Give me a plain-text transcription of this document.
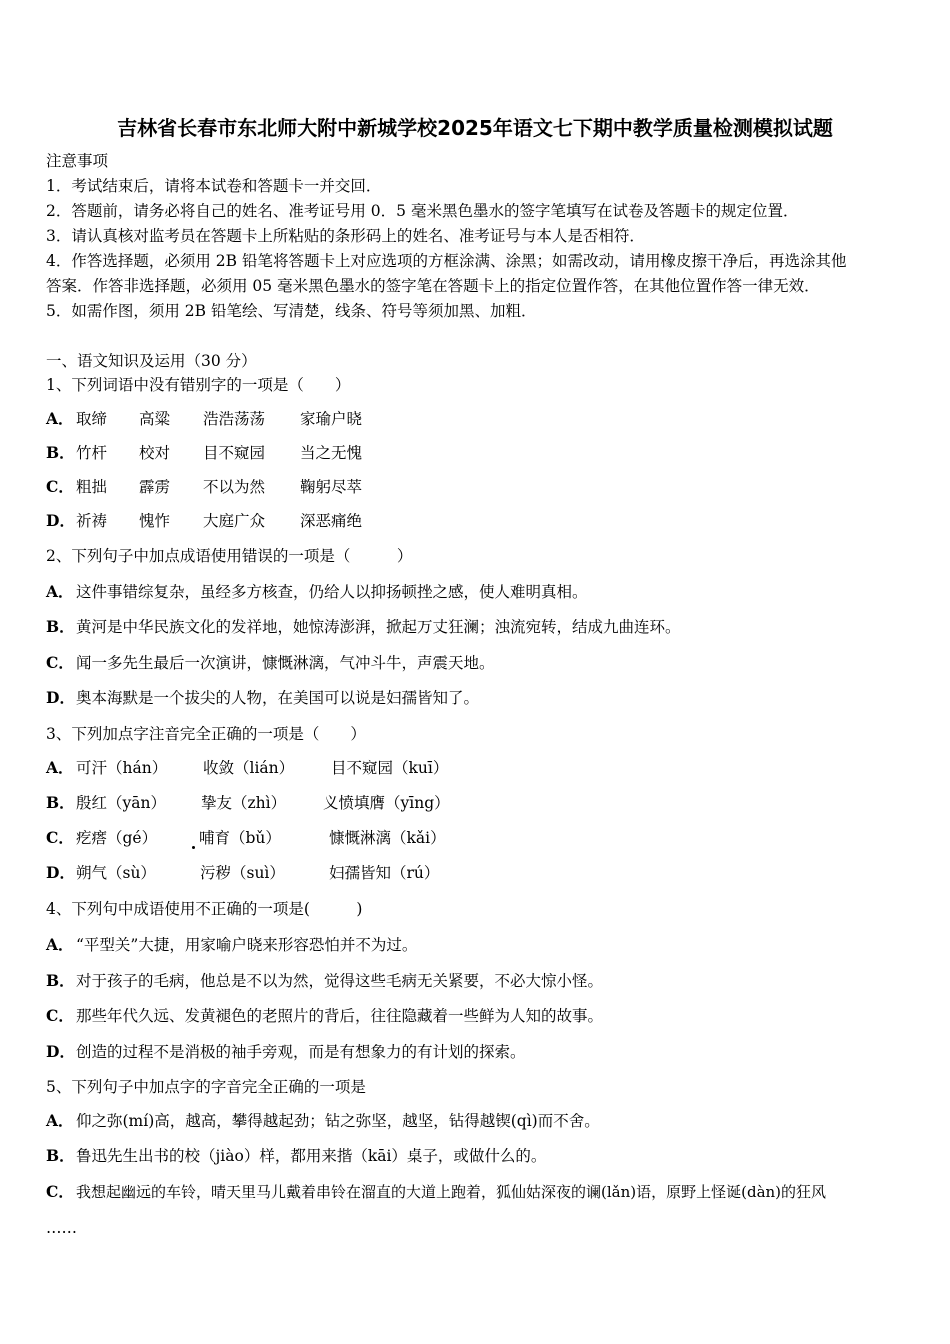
吉林省长春市东北师大附中新城学校2025年语文七下期中教学质量检测模拟试题
注意事项
1．考试结束后，请将本试卷和答题卡一并交回．
2．答题前，请务必将自己的姓名、准考证号用 0．5 毫米黑色墨水的签字笔填写在试卷及答题卡的规定位置．
3．请认真核对监考员在答题卡上所粘贴的条形码上的姓名、准考证号与本人是否相符．
4．作答选择题，必须用 2B 铅笔将答题卡上对应选项的方框涂满、涂黑；如需改动，请用橡皮擦干净后，再选涂其他
答案．作答非选择题，必须用 05 毫米黑色墨水的签字笔在答题卡上的指定位置作答，在其他位置作答一律无效．
5．如需作图，须用 2B 铅笔绘、写清楚，线条、符号等须加黑、加粗．
一、语文知识及运用（30 分）
1、下列词语中没有错别字的一项是（　　）
A． 取缔 高粱 浩浩荡荡 家瑜户晓
B． 竹杆 校对 目不窥园 当之无愧
C． 粗拙 霹雳 不以为然 鞠躬尽萃
D． 祈祷 愧怍 大庭广众 深恶痛绝
2、下列句子中加点成语使用错误的一项是（　　　）
A． 这件事错综复杂，虽经多方核查，仍给人以抑扬顿挫之感，使人难明真相。
B． 黄河是中华民族文化的发祥地，她惊涛澎湃，掀起万丈狂澜；浊流宛转，结成九曲连环。
C． 闻一多先生最后一次演讲，慷慨淋漓，气冲斗牛，声震天地。
D． 奥本海默是一个拔尖的人物，在美国可以说是妇孺皆知了。
3、下列加点字注音完全正确的一项是（　　）
A． 可汗（hán） 收敛（lián） 目不窥园（kuī）
B． 殷红（yān） 挚友（zhì） 义愤填膺（yīng）
C． 疙瘩（gé）	哺育（bǔ）	慷慨淋漓（kǎi）
D． 朔气（sù）	污秽（suì）	妇孺皆知（rú）
4、下列句中成语使用不正确的一项是(　　　)
A． “平型关”大捷，用家喻户晓来形容恐怕并不为过。
B． 对于孩子的毛病，他总是不以为然，觉得这些毛病无关紧要，不必大惊小怪。
C． 那些年代久远、发黄褪色的老照片的背后，往往隐藏着一些鲜为人知的故事。
D． 创造的过程不是消极的袖手旁观，而是有想象力的有计划的探索。
5、下列句子中加点字的字音完全正确的一项是
A． 仰之弥(mí)高，越高，攀得越起劲；钻之弥坚，越坚，钻得越锲(qì)而不舍。
B． 鲁迅先生出书的校（jiào）样，都用来揩（kāi）桌子，或做什么的。
C． 我想起幽远的车铃，晴天里马儿戴着串铃在溜直的大道上跑着，狐仙姑深夜的谰(lǎn)语，原野上怪诞(dàn)的狂风
……
